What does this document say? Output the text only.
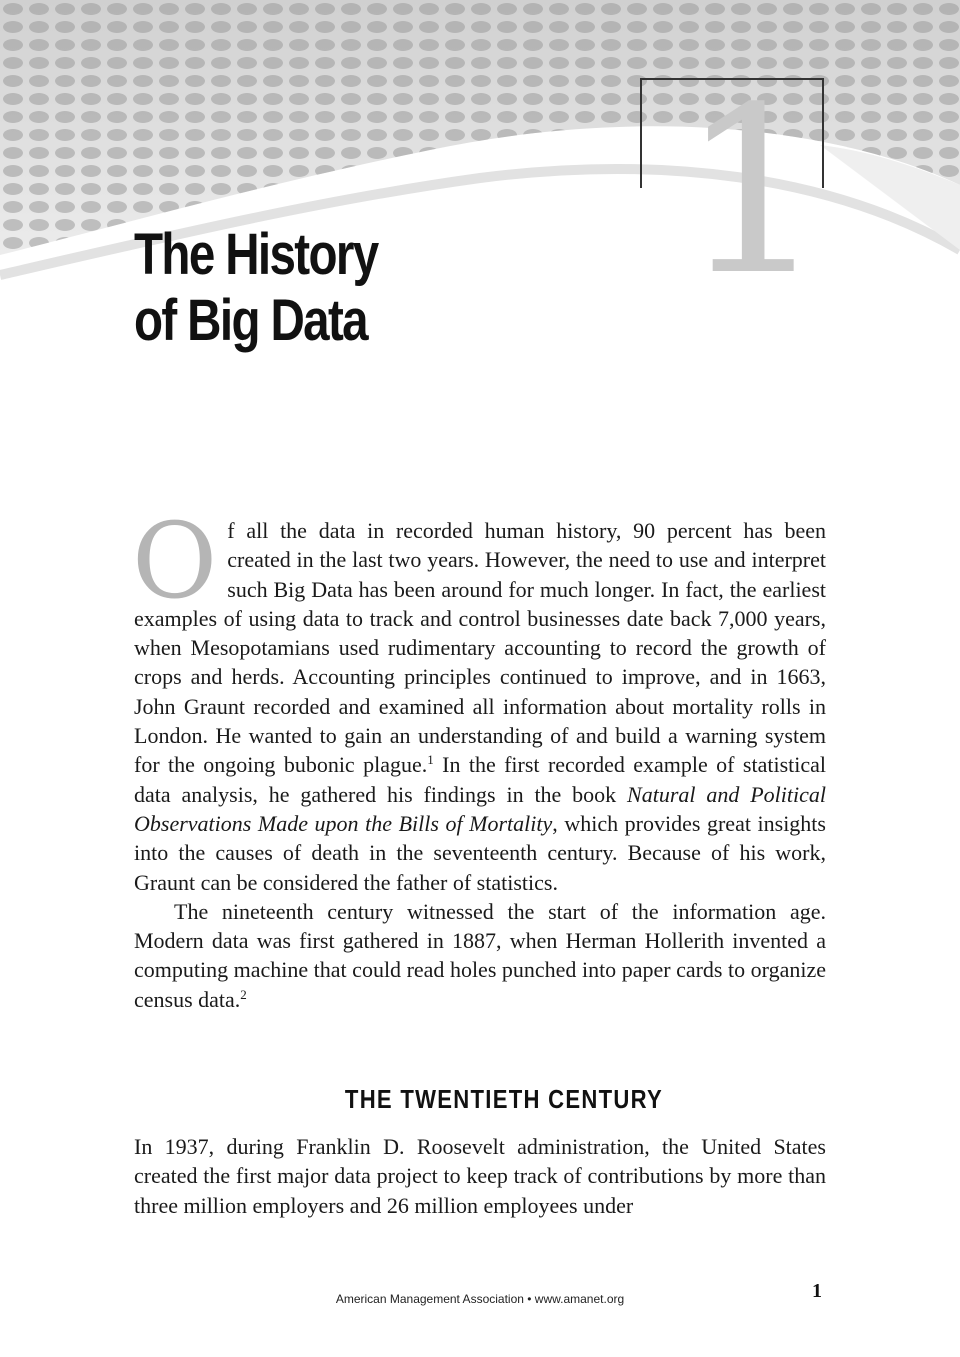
1
The History
of Big Data

Of all the data in recorded human history, 90 percent has been created in the last two years. However, the need to use and interpret such Big Data has been around for much longer. In fact, the earliest examples of using data to track and control businesses date back 7,000 years, when Mesopotamians used rudimentary accounting to record the growth of crops and herds. Accounting principles continued to improve, and in 1663, John Graunt recorded and examined all information about mortality rolls in London. He wanted to gain an understanding of and build a warning system for the ongoing bubonic plague.$^1$ In the first recorded example of statistical data analysis, he gathered his findings in the book Natural and Political Observations Made upon the Bills of Mortality, which provides great insights into the causes of death in the seventeenth century. Because of his work, Graunt can be considered the father of statistics.

The nineteenth century witnessed the start of the information age. Modern data was first gathered in 1887, when Herman Hollerith invented a computing machine that could read holes punched into paper cards to organize census data.$^2$

THE TWENTIETH CENTURY

In 1937, during Franklin D. Roosevelt administration, the United States created the first major data project to keep track of contributions by more than three million employers and 26 million employees under

American Management Association • www.amanet.org	1
